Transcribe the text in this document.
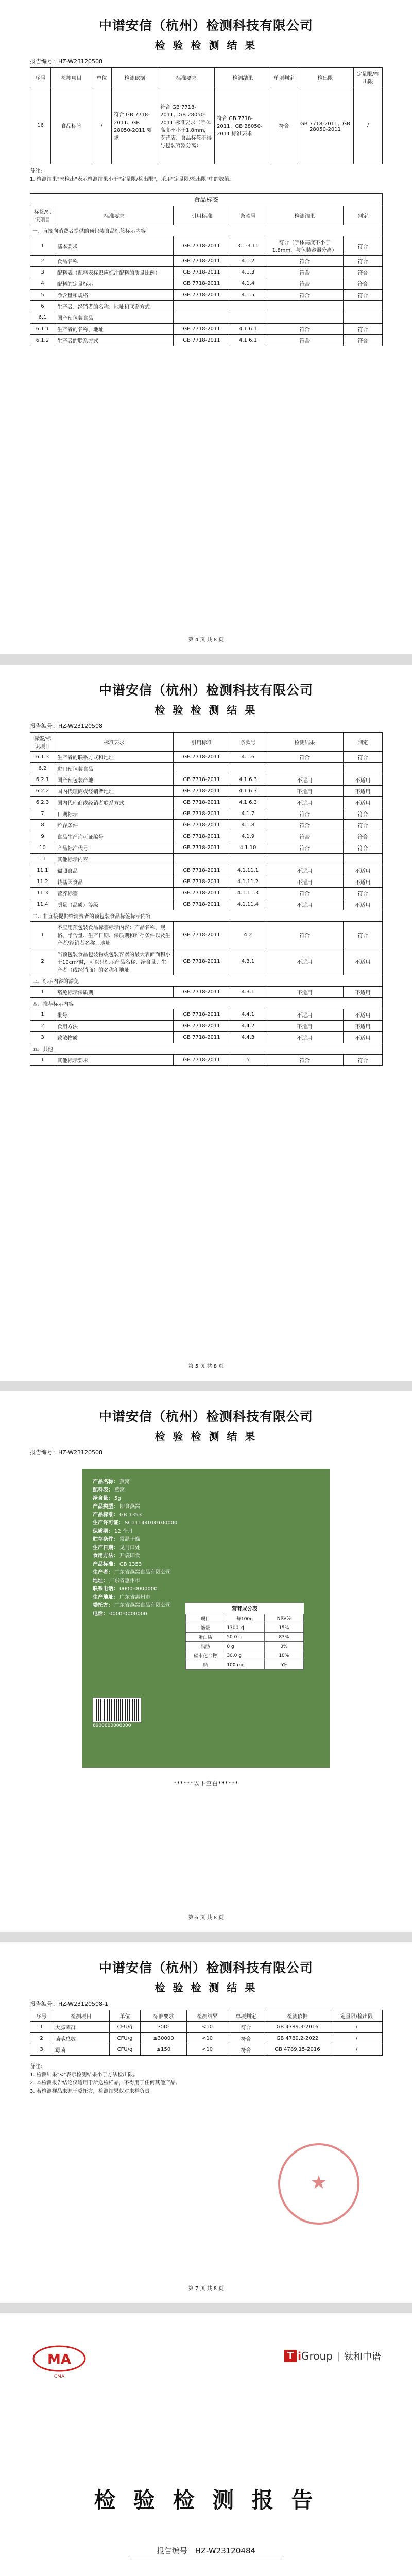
中谱安信（杭州）检测科技有限公司
检 验 检 测 结 果
报告编号：HZ-W23120508
序号	检测项目	单位	检测依据	标准要求	检测结果	单项判定	检出限	定量限/检出限
16	食品标签	/	符合 GB 7718-2011、GB 28050-2011 要求	符合 GB 7718-2011、GB 28050-2011 标准要求（字体高度不小于1.8mm，专营店、食品标签不得与包装容器分离）	符合 GB 7718-2011、GB 28050-2011 标准要求	符合	GB 7718-2011、GB 28050-2011	/
备注：
1. 检测结果"未检出"表示检测结果小于"定量限/检出限"，采用"定量限/检出限"中的数值。
食品标签					
标签/标识项目	标准要求	引用标准	条款号	检测结果	判定
一、直接向消费者提供的预包装食品标签标示内容					
1	基本要求	GB 7718-2011	3.1-3.11	符合（字体高度不小于1.8mm，与包装容器分离）	符合
2	食品名称	GB 7718-2011	4.1.2	符合	符合
3	配料表（配料表标识应标注配料的质量比例）	GB 7718-2011	4.1.3	符合	符合
4	配料的定量标示	GB 7718-2011	4.1.4	符合	符合
5	净含量和规格	GB 7718-2011	4.1.5	符合	符合
6	生产者、经销者的名称、地址和联系方式				
6.1	国产预包装食品				
6.1.1	生产者的名称、地址	GB 7718-2011	4.1.6.1	符合	符合
6.1.2	生产者的联系方式	GB 7718-2011	4.1.6.1	符合	符合
第 4 页 共 8 页
中谱安信（杭州）检测科技有限公司
检 验 检 测 结 果
报告编号：HZ-W23120508
标签/标识项目	标准要求	引用标准	条款号	检测结果	判定
6.1.3	生产者的联系方式和地址	GB 7718-2011	4.1.6	符合	符合
6.2	进口预包装食品				
6.2.1	国产预包装产地	GB 7718-2011	4.1.6.3	不适用	不适用
6.2.2	国内代理商或经销者地址	GB 7718-2011	4.1.6.3	不适用	不适用
6.2.3	国内代理商或经销者联系方式	GB 7718-2011	4.1.6.3	不适用	不适用
7	日期标示	GB 7718-2011	4.1.7	符合	符合
8	贮存条件	GB 7718-2011	4.1.8	符合	符合
9	食品生产许可证编号	GB 7718-2011	4.1.9	符合	符合
10	产品标准代号	GB 7718-2011	4.1.10	符合	符合
11	其他标示内容				
11.1	辐照食品	GB 7718-2011	4.1.11.1	不适用	不适用
11.2	转基因食品	GB 7718-2011	4.1.11.2	不适用	不适用
11.3	营养标签	GB 7718-2011	4.1.11.3	符合	符合
11.4	质量（品质）等级	GB 7718-2011	4.1.11.4	不适用	不适用
二、非直接提供给消费者的预包装食品标签标示内容					
1	不应用预包装食品标签标示内容：产品名称、规格、净含量、生产日期、保质期和贮存条件以及生产者/经销者名称、地址	GB 7718-2011	4.2	符合	符合
2	当预包装食品包装物或包装容器的最大表面面积小于10cm²时，可以只标示产品名称、净含量、生产者（或经销商）的名称和地址	GB 7718-2011	4.3.1	不适用	不适用
三、标示内容的豁免					
1	豁免标示保质期	GB 7718-2011	4.3.1	不适用	不适用
四、推荐标示内容					
1	批号	GB 7718-2011	4.4.1	不适用	不适用
2	食用方法	GB 7718-2011	4.4.2	不适用	不适用
3	致敏物质	GB 7718-2011	4.4.3	不适用	不适用
五、其他					
1	其他标示要求	GB 7718-2011	5	符合	符合
第 5 页 共 8 页
中谱安信（杭州）检测科技有限公司
检 验 检 测 结 果
报告编号：HZ-W23120508
产品名称： 燕窝
配料表： 燕窝
净含量： 5g
产品类型： 即食燕窝
产品标准： GB 1353
生产许可证： SC11144010100000
保质期： 12 个月
贮存条件： 常温干燥
生产日期： 见封口处
食用方法： 开袋即食
产品标准： GB 1353
生产者： 广东省燕窝食品有限公司
地址： 广东省惠州市
联系电话： 0000-0000000
生产地址： 广东省惠州市
委托方： 广东省燕窝食品有限公司
电话： 0000-0000000
6900000000000
营养成分表
项目	每100g	NRV%
能量	1300 kJ	15%
蛋白质	50.0 g	83%
脂肪	0 g	0%
碳水化合物	30.0 g	10%
钠	100 mg	5%
******以下空白******
第 6 页 共 8 页
中谱安信（杭州）检测科技有限公司
检 验 检 测 结 果
报告编号：HZ-W23120508-1
序号	检测项目	单位	标准要求	检测结果	单项判定	检测依据	定量限/检出限
1	大肠菌群	CFU/g	≤40	<10	符合	GB 4789.3-2016	/
2	菌落总数	CFU/g	≤30000	<10	符合	GB 4789.2-2022	/
3	霉菌	CFU/g	≤150	<10	符合	GB 4789.15-2016	/
备注：
1. 检测结果"<"表示检测结果小于方法检出限。
2. 本检测报告结论仅适用于所送检样品，不得用于任何其他产品。
3. 若检测样品来源于委托方，检测结果仅对来样负责。
★
第 7 页 共 8 页
MA
CMA
T i Group | 钛和中谱
检 验 检 测 报 告
报告编号 HZ-W23120484
